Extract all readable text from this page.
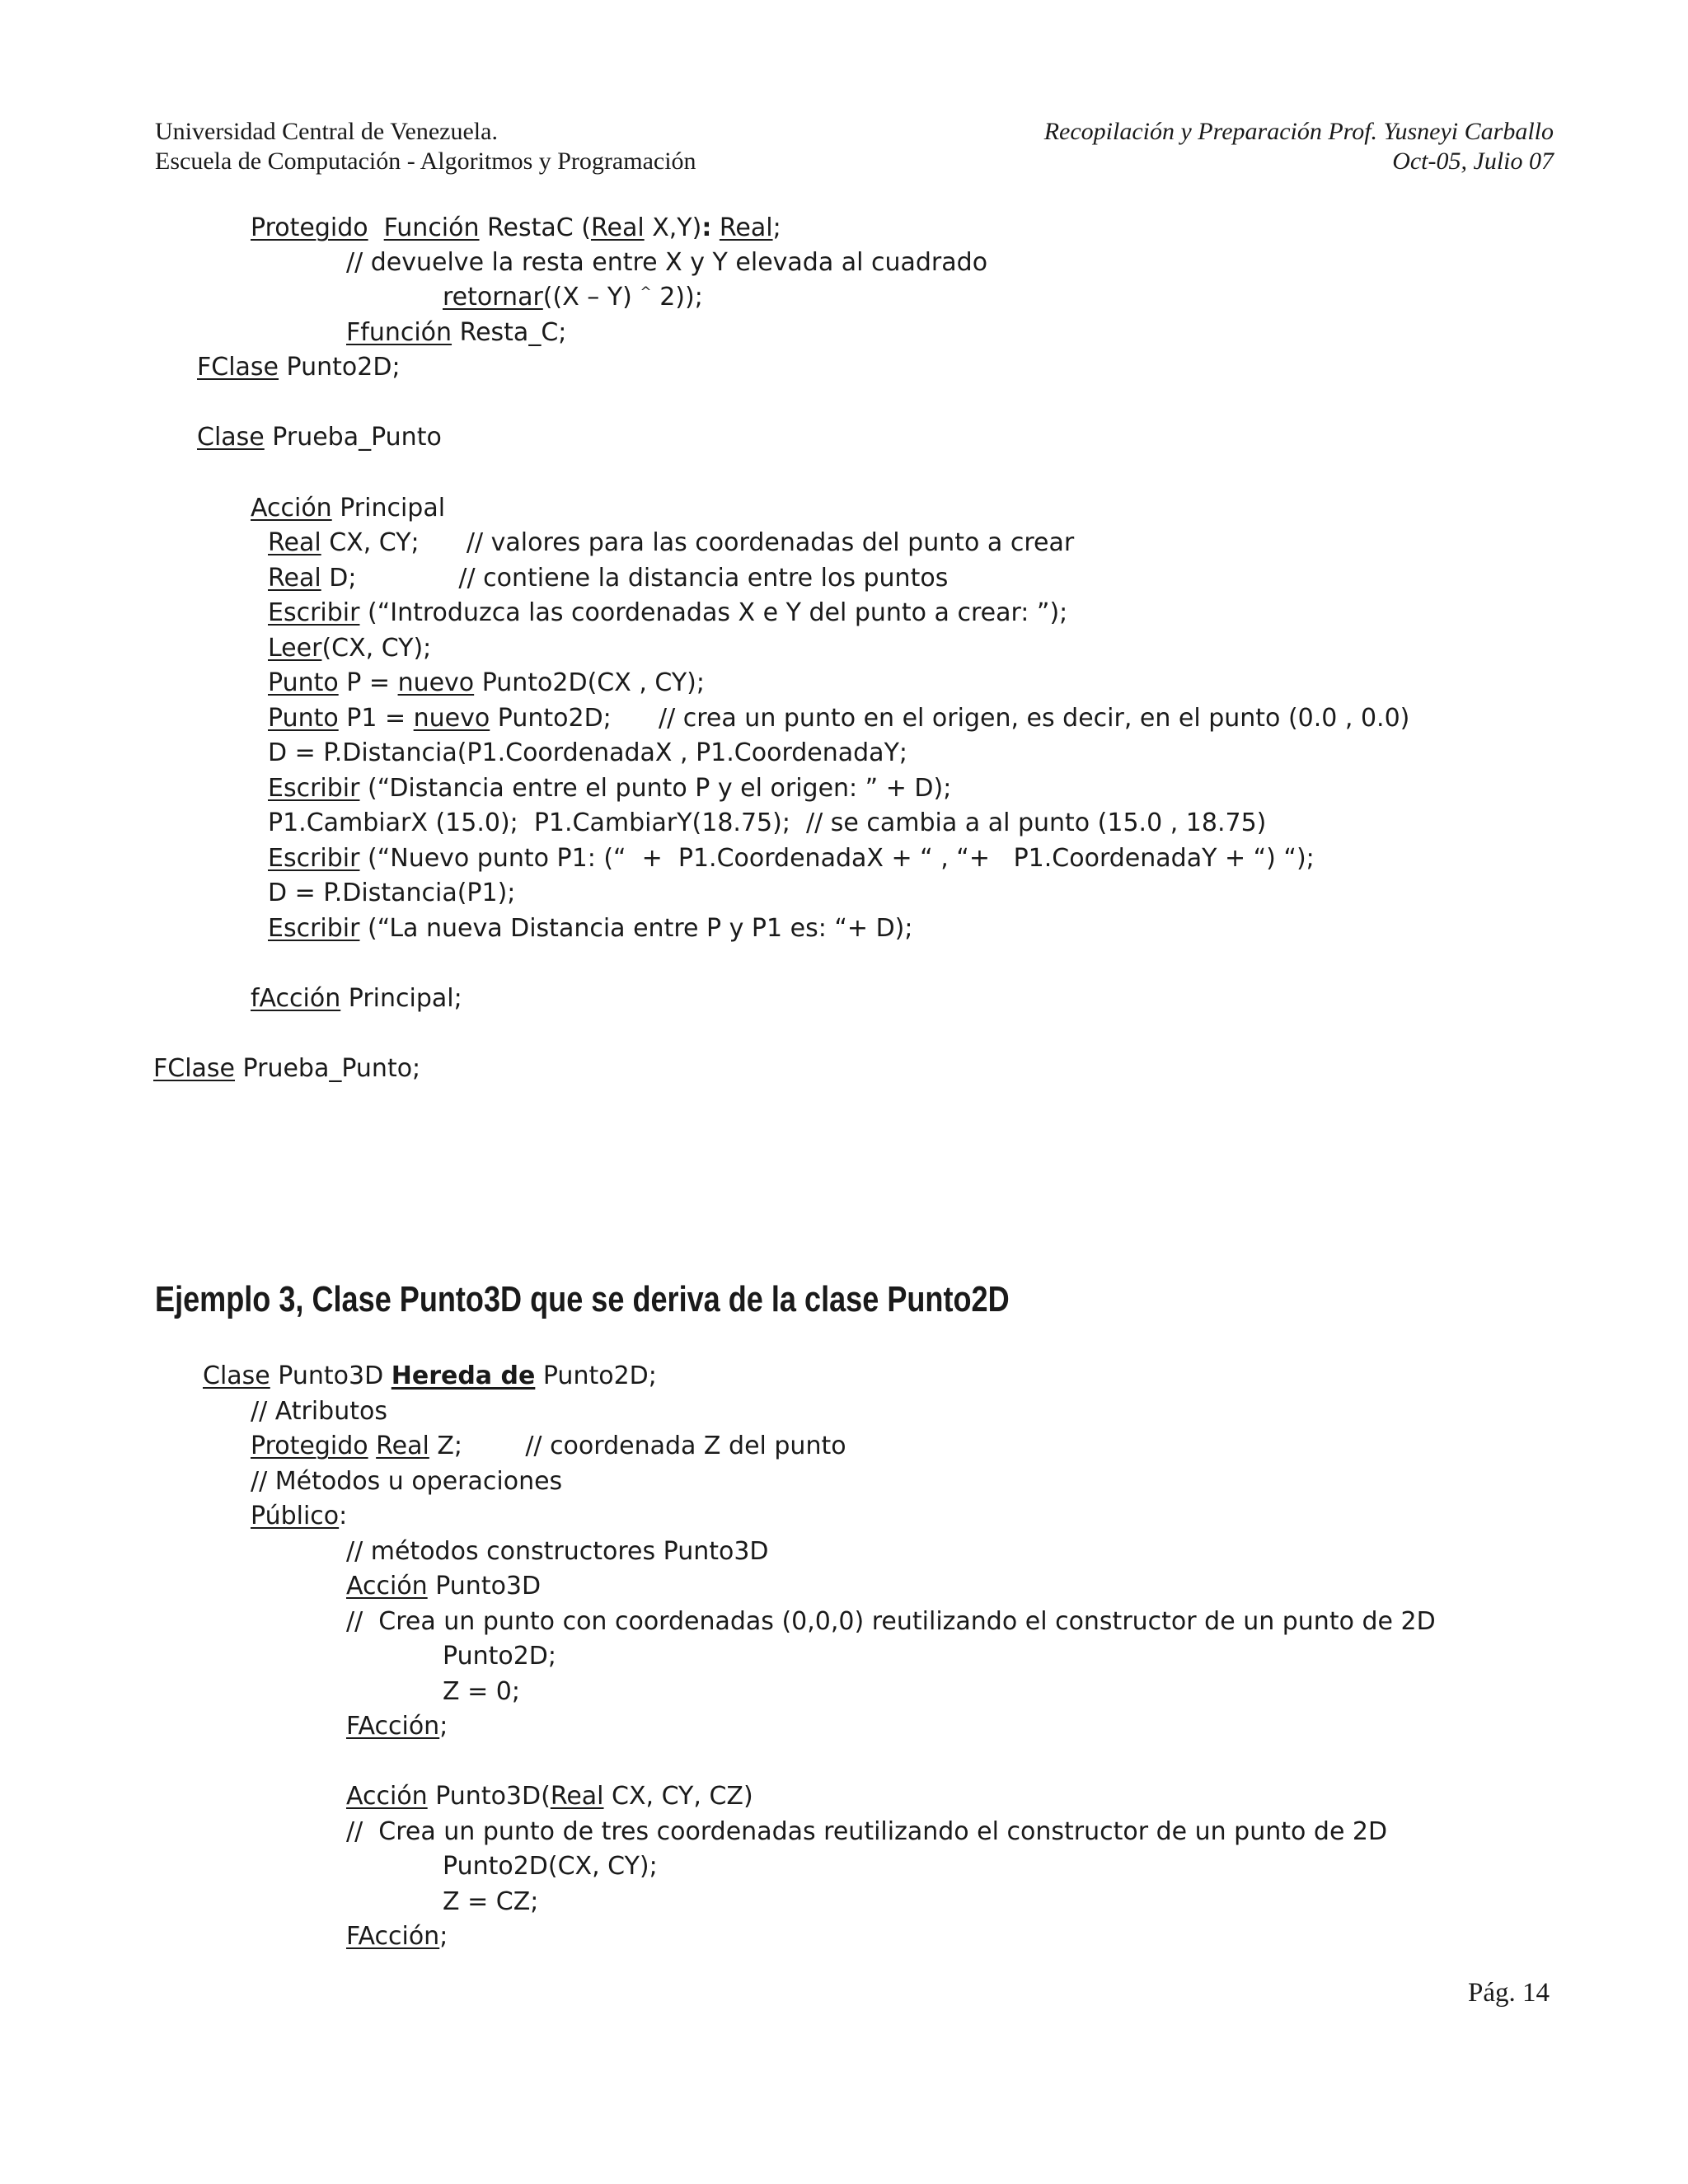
Universidad Central de Venezuela.
Escuela de Computación - Algoritmos y Programación
Recopilación y Preparación Prof. Yusneyi Carballo
Oct-05, Julio 07
Protegido Función RestaC (Real X,Y): Real;
// devuelve la resta entre X y Y elevada al cuadrado
retornar((X – Y) ^ 2));
Ffunción Resta_C;
FClase Punto2D;
Clase Prueba_Punto
Acción Principal
Real CX, CY;      // valores para las coordenadas del punto a crear
Real D;             // contiene la distancia entre los puntos
Escribir (“Introduzca las coordenadas X e Y del punto a crear: ”);
Leer(CX, CY);
Punto P = nuevo Punto2D(CX , CY);
Punto P1 = nuevo Punto2D;      // crea un punto en el origen, es decir, en el punto (0.0 , 0.0)
D = P.Distancia(P1.CoordenadaX , P1.CoordenadaY;
Escribir (“Distancia entre el punto P y el origen: ” + D);
P1.CambiarX (15.0);  P1.CambiarY(18.75);  // se cambia a al punto (15.0 , 18.75)
Escribir (“Nuevo punto P1: (“  +  P1.CoordenadaX + “ , “+   P1.CoordenadaY + “) “);
D = P.Distancia(P1);
Escribir (“La nueva Distancia entre P y P1 es: “+ D);
fAcción Principal;
FClase Prueba_Punto;
Ejemplo 3, Clase Punto3D que se deriva de la clase Punto2D
Clase Punto3D Hereda de Punto2D;
// Atributos
Protegido Real Z;        // coordenada Z del punto
// Métodos u operaciones
Público:
// métodos constructores Punto3D
Acción Punto3D
//  Crea un punto con coordenadas (0,0,0) reutilizando el constructor de un punto de 2D
Punto2D;
Z = 0;
FAcción;
Acción Punto3D(Real CX, CY, CZ)
//  Crea un punto de tres coordenadas reutilizando el constructor de un punto de 2D
Punto2D(CX, CY);
Z = CZ;
FAcción;
Pág. 14
